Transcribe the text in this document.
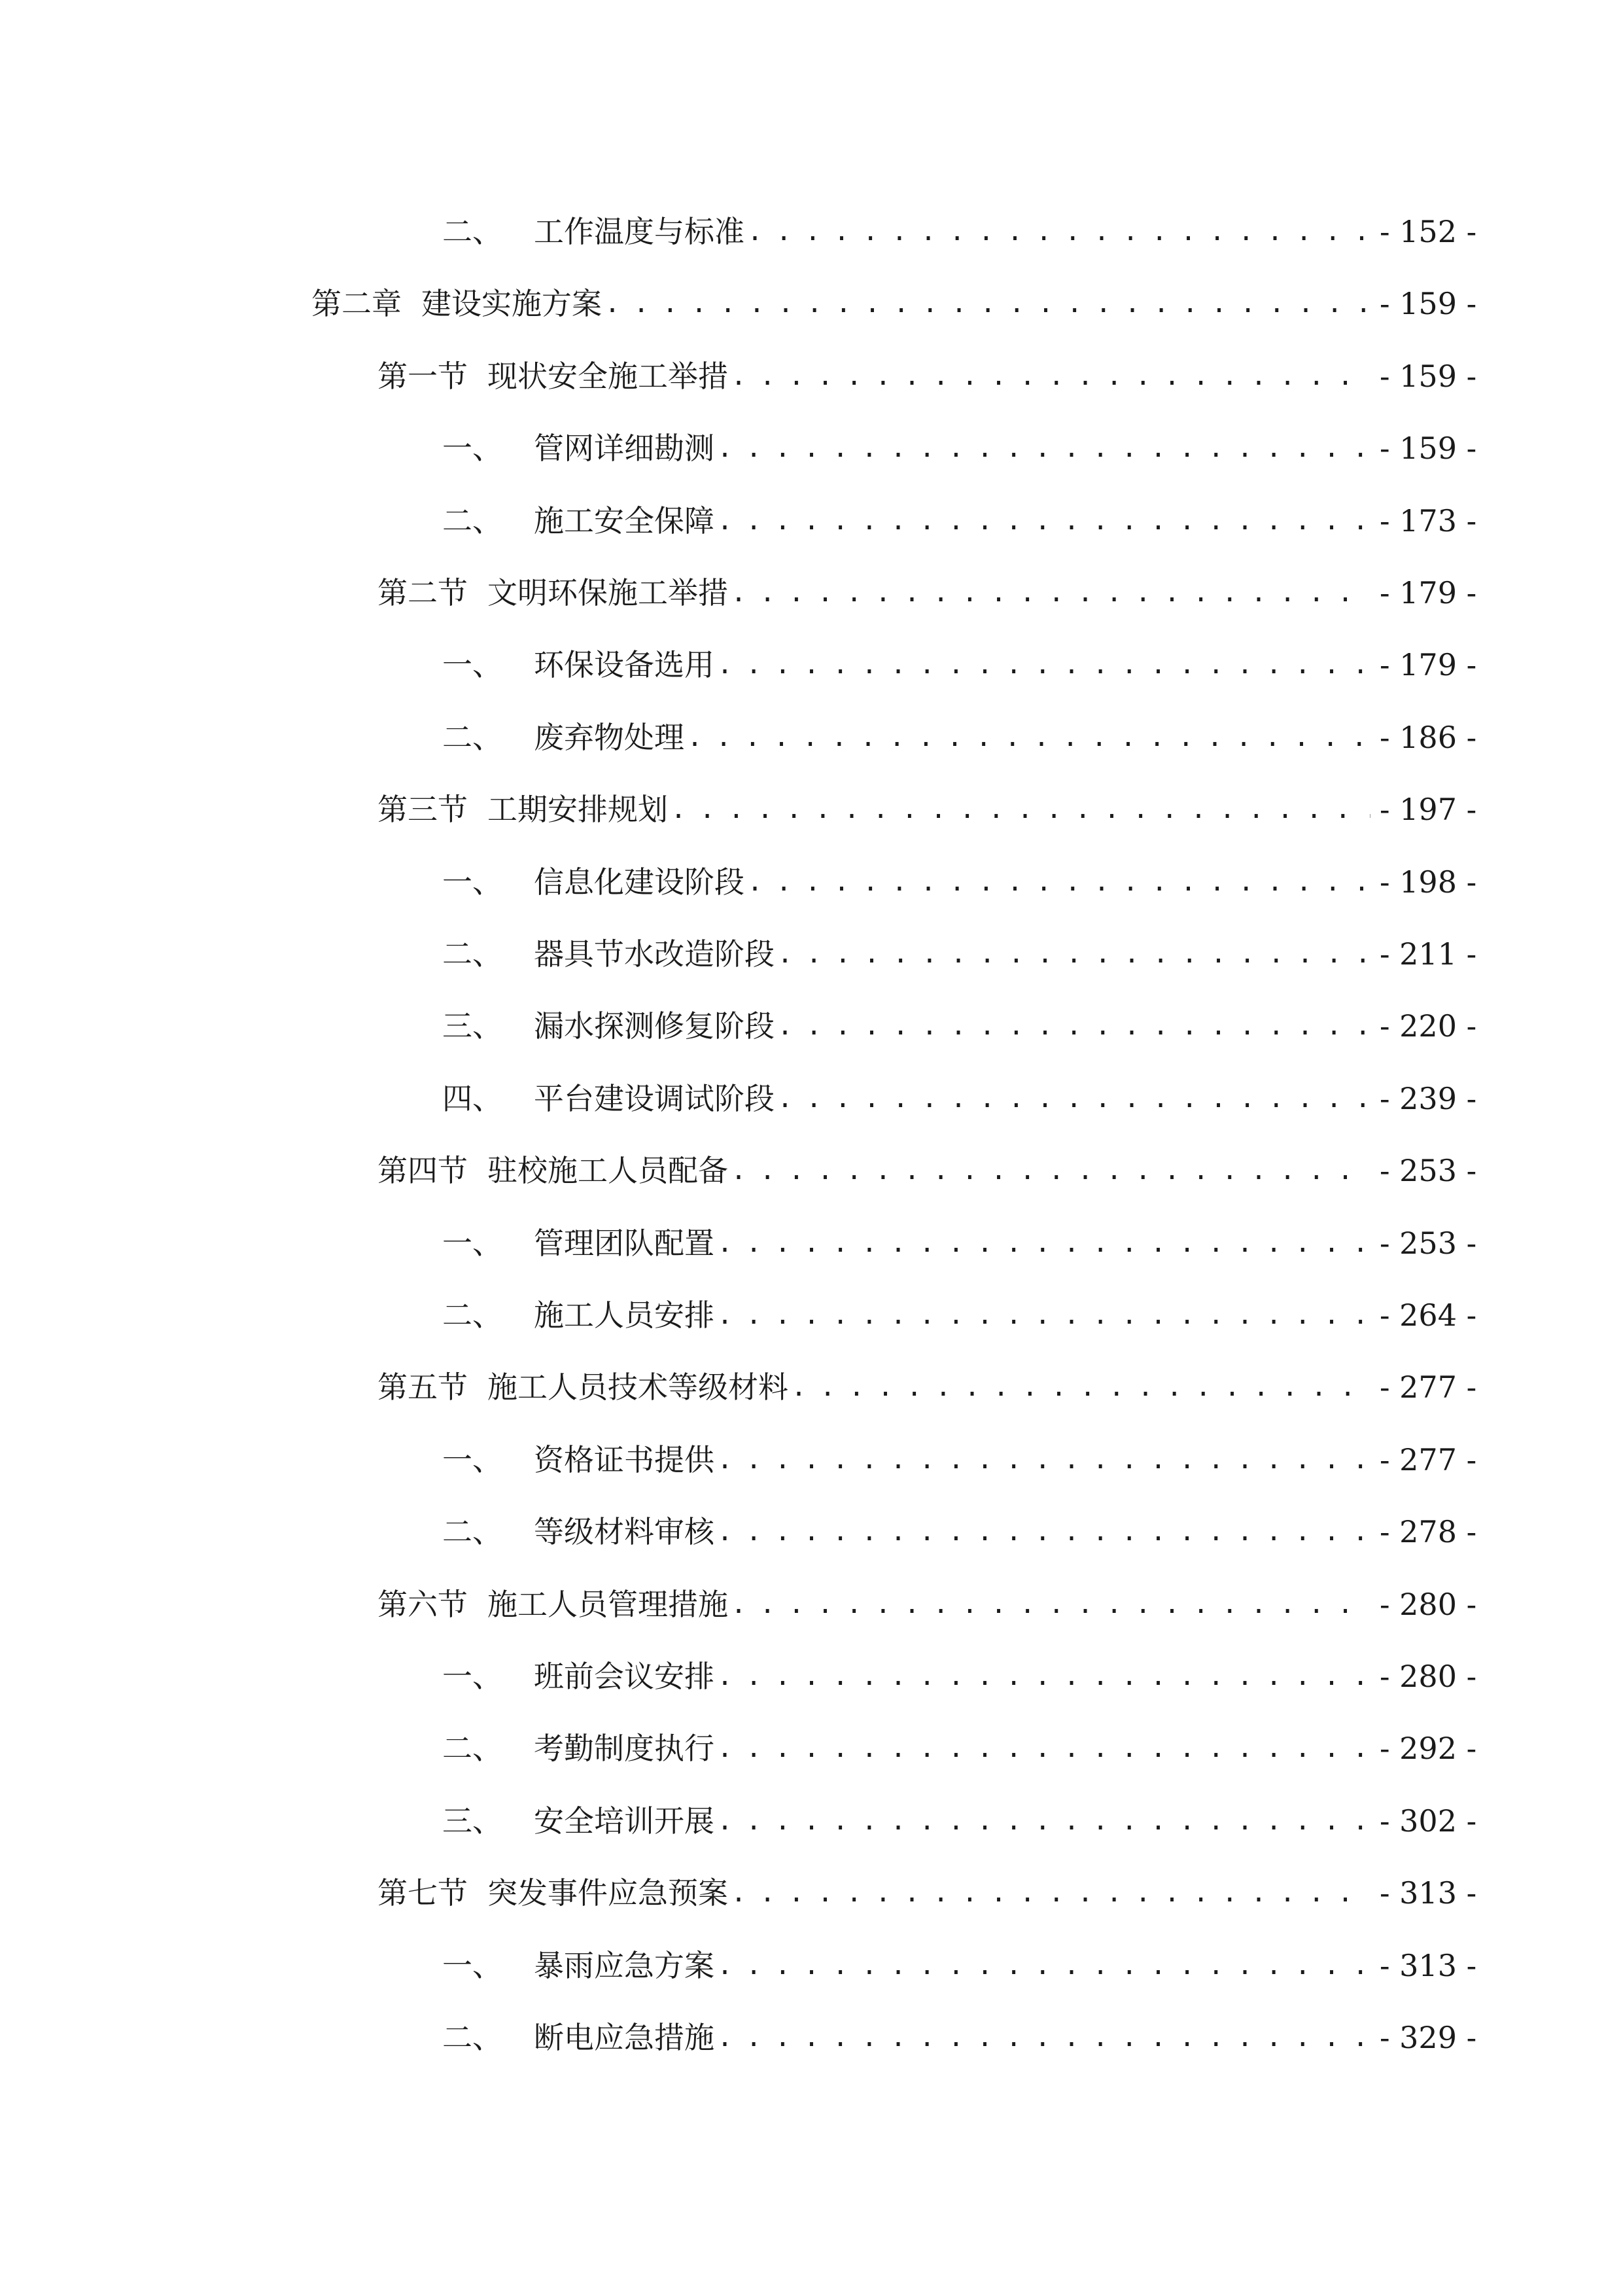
二、 工作温度与标准 . . .	- 152 -
第二章 建设实施方案 . . .	- 159 -
第一节 现状安全施工举措 . . .	- 159 -
一、 管网详细勘测 . . .	- 159 -
二、 施工安全保障 . . .	- 173 -
第二节 文明环保施工举措 . . .	- 179 -
一、 环保设备选用 . . .	- 179 -
二、 废弃物处理 . . .	- 186 -
第三节 工期安排规划 . . .	- 197 -
一、 信息化建设阶段 . . .	- 198 -
二、 器具节水改造阶段 . . .	- 211 -
三、 漏水探测修复阶段 . . .	- 220 -
四、 平台建设调试阶段 . . .	- 239 -
第四节 驻校施工人员配备 . . .	- 253 -
一、 管理团队配置 . . .	- 253 -
二、 施工人员安排 . . .	- 264 -
第五节 施工人员技术等级材料 . . .	- 277 -
一、 资格证书提供 . . .	- 277 -
二、 等级材料审核 . . .	- 278 -
第六节 施工人员管理措施 . . .	- 280 -
一、 班前会议安排 . . .	- 280 -
二、 考勤制度执行 . . .	- 292 -
三、 安全培训开展 . . .	- 302 -
第七节 突发事件应急预案 . . .	- 313 -
一、 暴雨应急方案 . . .	- 313 -
二、 断电应急措施 . . .	- 329 -
